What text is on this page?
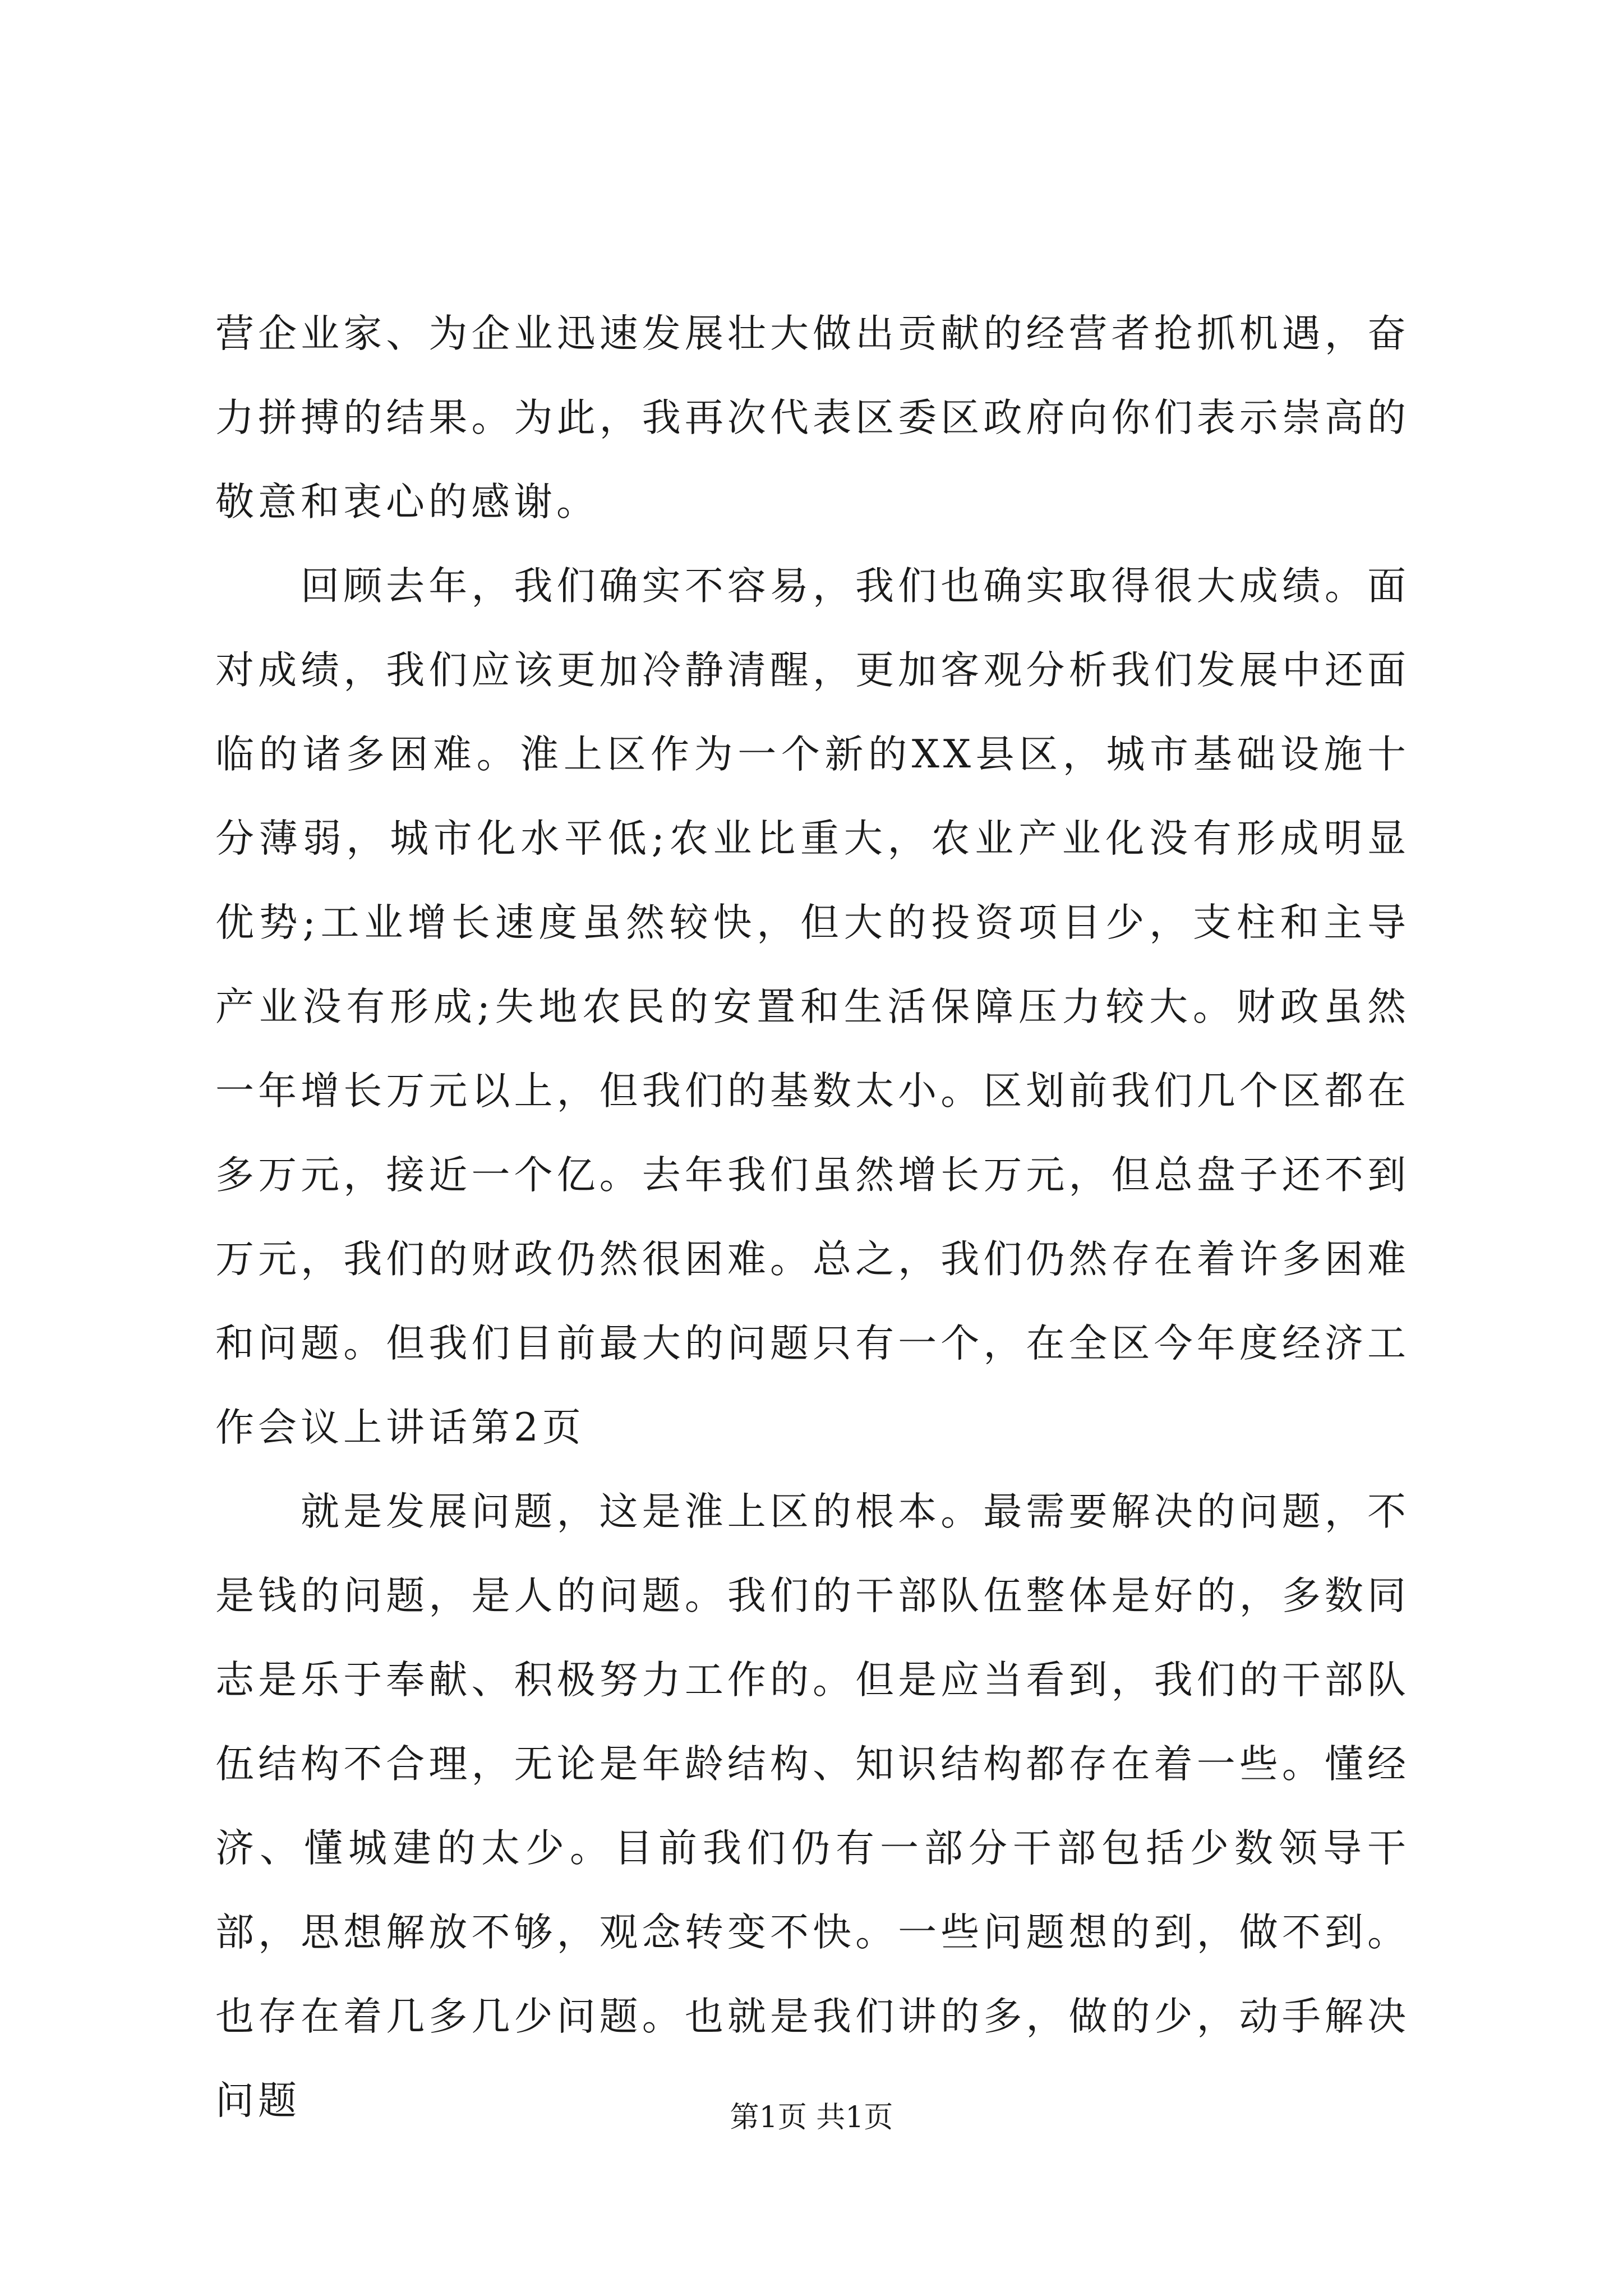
营企业家、为企业迅速发展壮大做出贡献的经营者抢抓机遇，奋力拼搏的结果。为此，我再次代表区委区政府向你们表示崇高的敬意和衷心的感谢。

回顾去年，我们确实不容易，我们也确实取得很大成绩。面对成绩，我们应该更加冷静清醒，更加客观分析我们发展中还面临的诸多困难。淮上区作为一个新的XX县区，城市基础设施十分薄弱，城市化水平低;农业比重大，农业产业化没有形成明显优势;工业增长速度虽然较快，但大的投资项目少，支柱和主导产业没有形成;失地农民的安置和生活保障压力较大。财政虽然一年增长万元以上，但我们的基数太小。区划前我们几个区都在多万元，接近一个亿。去年我们虽然增长万元，但总盘子还不到万元，我们的财政仍然很困难。总之，我们仍然存在着许多困难和问题。但我们目前最大的问题只有一个，在全区今年度经济工作会议上讲话第2页

就是发展问题，这是淮上区的根本。最需要解决的问题，不是钱的问题，是人的问题。我们的干部队伍整体是好的，多数同志是乐于奉献、积极努力工作的。但是应当看到，我们的干部队伍结构不合理，无论是年龄结构、知识结构都存在着一些。懂经济、懂城建的太少。目前我们仍有一部分干部包括少数领导干部，思想解放不够，观念转变不快。一些问题想的到，做不到。也存在着几多几少问题。也就是我们讲的多，做的少，动手解决问题	第1页 共1页
